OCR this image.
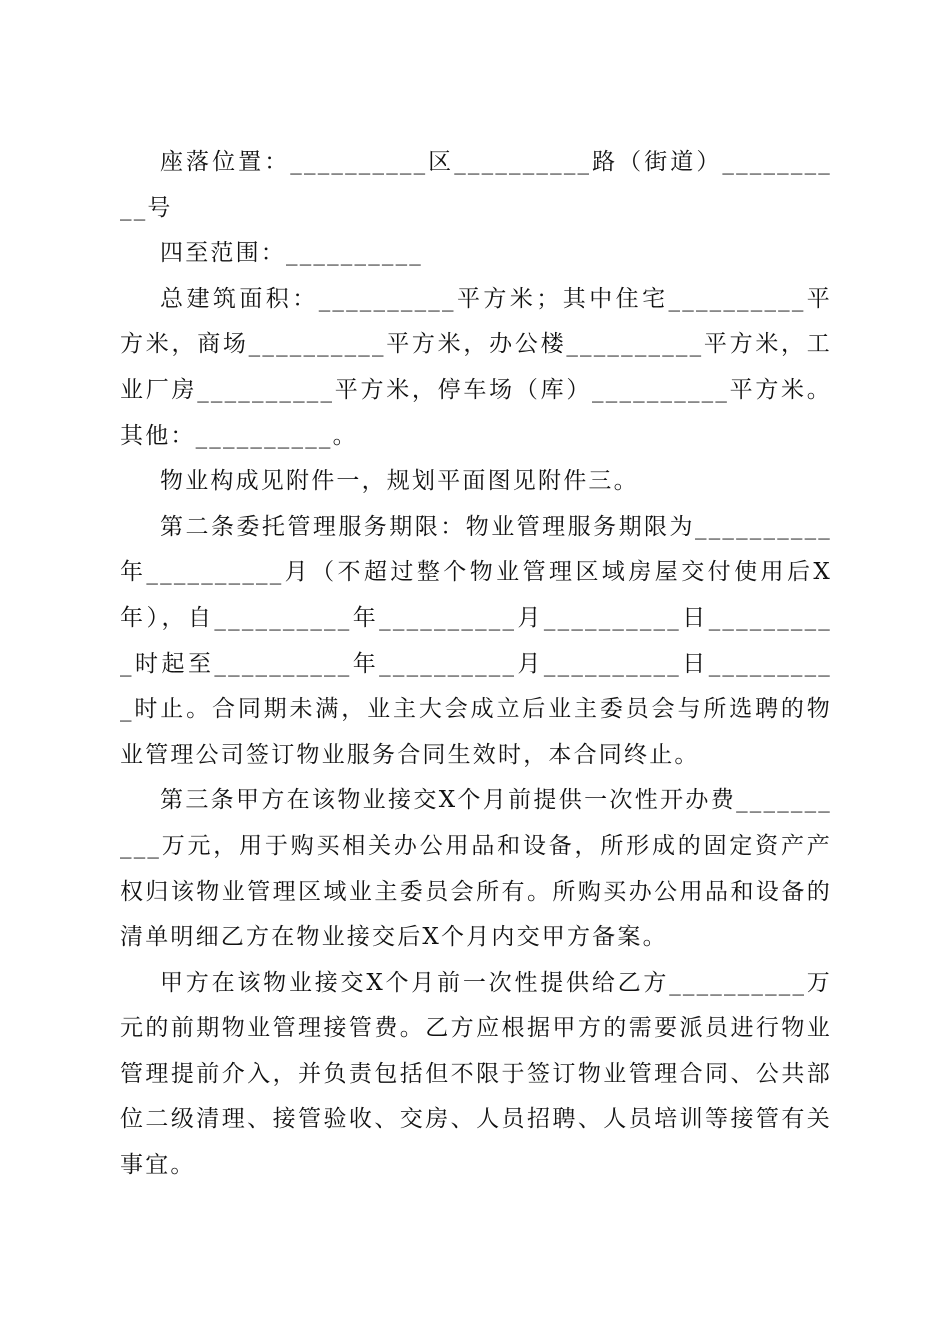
座落位置：__________区__________路（街道）__________号

四至范围：__________

总建筑面积：__________平方米；其中住宅__________平方米，商场__________平方米，办公楼__________平方米，工业厂房__________平方米，停车场（库）__________平方米。其他：__________。

物业构成见附件一，规划平面图见附件三。

第二条委托管理服务期限：物业管理服务期限为__________年__________月（不超过整个物业管理区域房屋交付使用后X年），自__________年__________月__________日__________时起至__________年__________月__________日__________时止。合同期未满，业主大会成立后业主委员会与所选聘的物业管理公司签订物业服务合同生效时，本合同终止。

第三条甲方在该物业接交X个月前提供一次性开办费__________万元，用于购买相关办公用品和设备，所形成的固定资产产权归该物业管理区域业主委员会所有。所购买办公用品和设备的清单明细乙方在物业接交后X个月内交甲方备案。

甲方在该物业接交X个月前一次性提供给乙方__________万元的前期物业管理接管费。乙方应根据甲方的需要派员进行物业管理提前介入，并负责包括但不限于签订物业管理合同、公共部位二级清理、接管验收、交房、人员招聘、人员培训等接管有关事宜。
